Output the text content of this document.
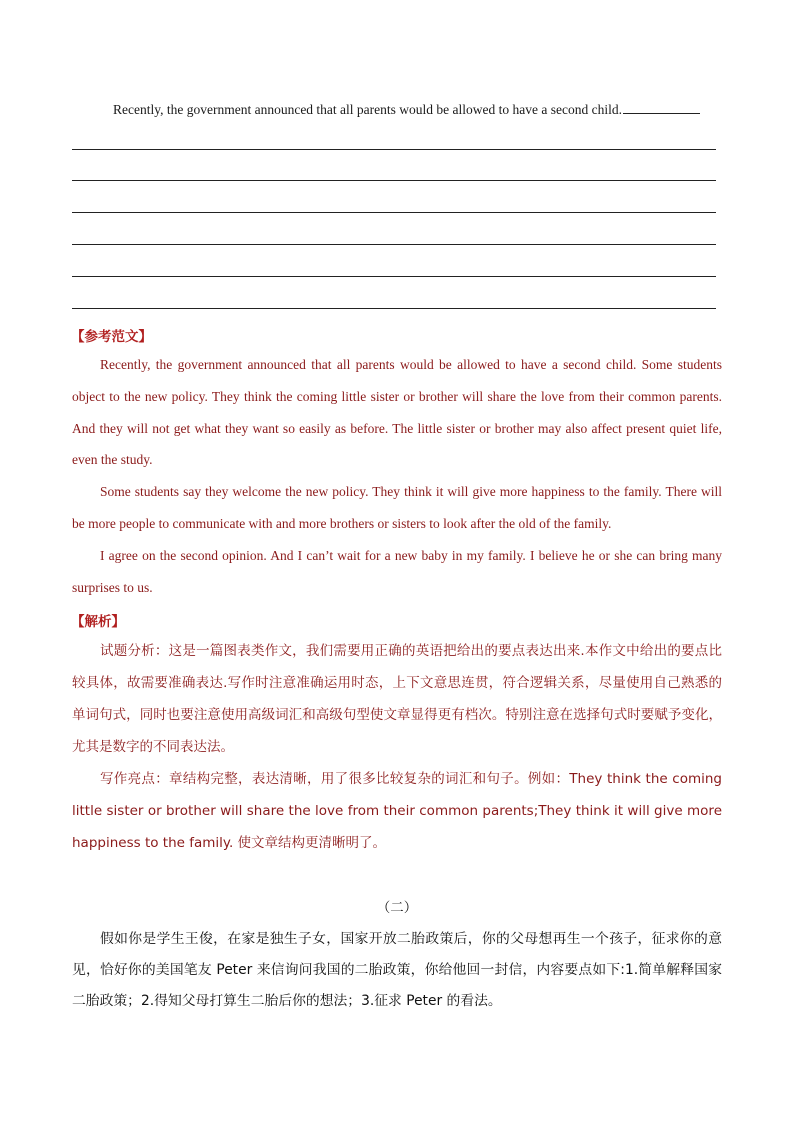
Recently, the government announced that all parents would be allowed to have a second child.
【参考范文】

Recently, the government announced that all parents would be allowed to have a second child. Some students object to the new policy. They think the coming little sister or brother will share the love from their common parents. And they will not get what they want so easily as before. The little sister or brother may also affect present quiet life, even the study.

Some students say they welcome the new policy. They think it will give more happiness to the family. There will be more people to communicate with and more brothers or sisters to look after the old of the family.

I agree on the second opinion. And I can’t wait for a new baby in my family. I believe he or she can bring many surprises to us.

【解析】

试题分析：这是一篇图表类作文，我们需要用正确的英语把给出的要点表达出来.本作文中给出的要点比较具体，故需要准确表达.写作时注意准确运用时态，上下文意思连贯，符合逻辑关系，尽量使用自己熟悉的单词句式，同时也要注意使用高级词汇和高级句型使文章显得更有档次。特别注意在选择句式时要赋予变化，尤其是数字的不同表达法。

写作亮点：章结构完整，表达清晰，用了很多比较复杂的词汇和句子。例如：They think the coming little sister or brother will share the love from their common parents;They think it will give more happiness to the family. 使文章结构更清晰明了。

（二）

假如你是学生王俊，在家是独生子女，国家开放二胎政策后，你的父母想再生一个孩子，征求你的意见，恰好你的美国笔友 Peter 来信询问我国的二胎政策，你给他回一封信，内容要点如下:1.简单解释国家二胎政策；2.得知父母打算生二胎后你的想法；3.征求 Peter 的看法。
